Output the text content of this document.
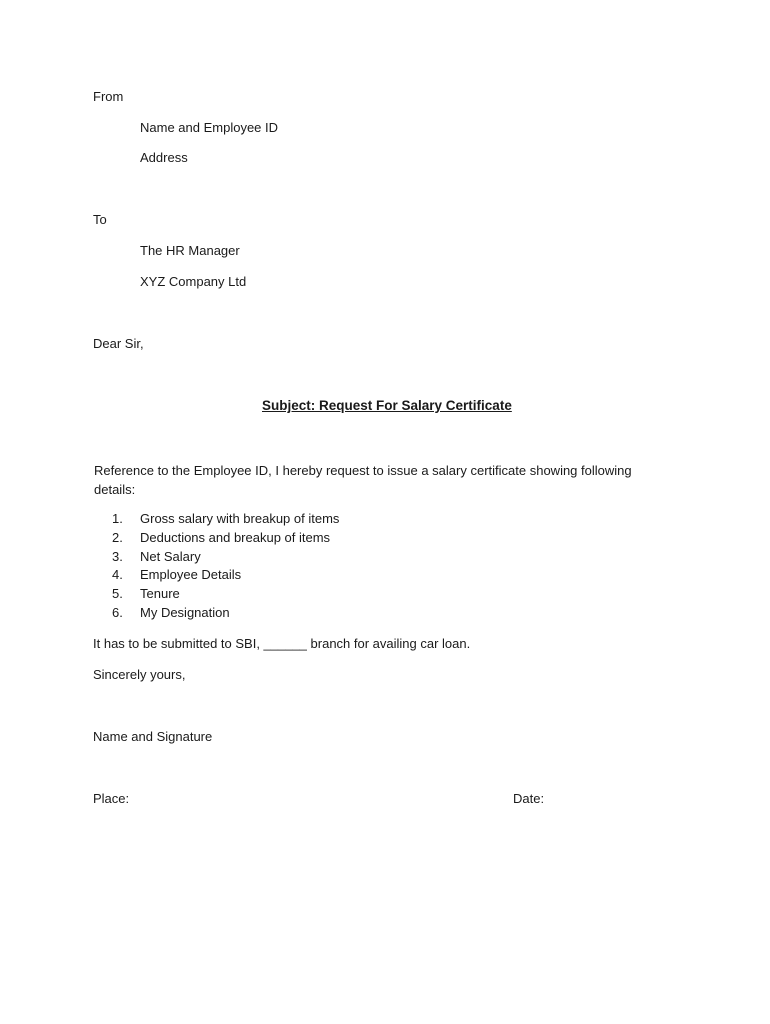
From
Name and Employee ID
Address
To
The HR Manager
XYZ Company Ltd
Dear Sir,
Subject: Request For Salary Certificate
Reference to the Employee ID, I hereby request to issue a salary certificate showing following details:
1. Gross salary with breakup of items
2. Deductions and breakup of items
3. Net Salary
4. Employee Details
5. Tenure
6. My Designation
It has to be submitted to SBI, ______ branch for availing car loan.
Sincerely yours,
Name and Signature
Place:	Date:
